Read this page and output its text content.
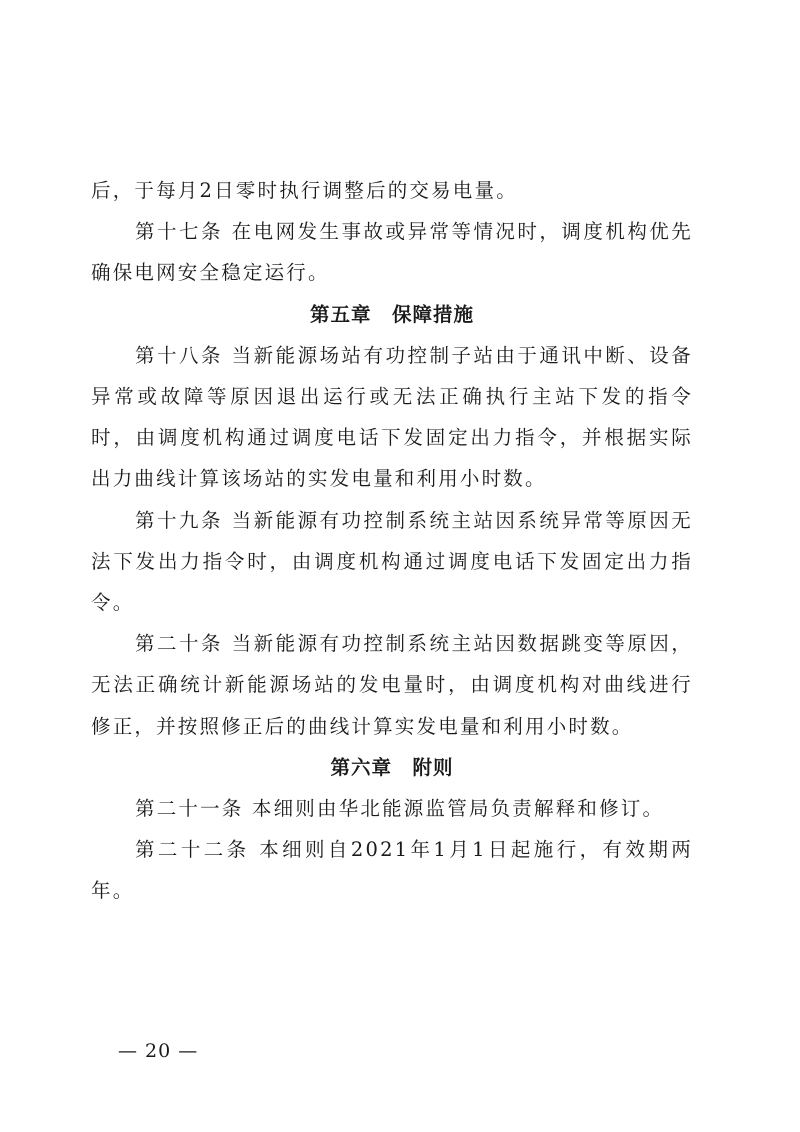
后，于每月2日零时执行调整后的交易电量。

第十七条 在电网发生事故或异常等情况时，调度机构优先确保电网安全稳定运行。

第五章　保障措施

第十八条 当新能源场站有功控制子站由于通讯中断、设备异常或故障等原因退出运行或无法正确执行主站下发的指令时，由调度机构通过调度电话下发固定出力指令，并根据实际出力曲线计算该场站的实发电量和利用小时数。

第十九条 当新能源有功控制系统主站因系统异常等原因无法下发出力指令时，由调度机构通过调度电话下发固定出力指令。

第二十条 当新能源有功控制系统主站因数据跳变等原因，无法正确统计新能源场站的发电量时，由调度机构对曲线进行修正，并按照修正后的曲线计算实发电量和利用小时数。

第六章　附则

第二十一条 本细则由华北能源监管局负责解释和修订。

第二十二条 本细则自2021年1月1日起施行，有效期两年。

— 20 —
